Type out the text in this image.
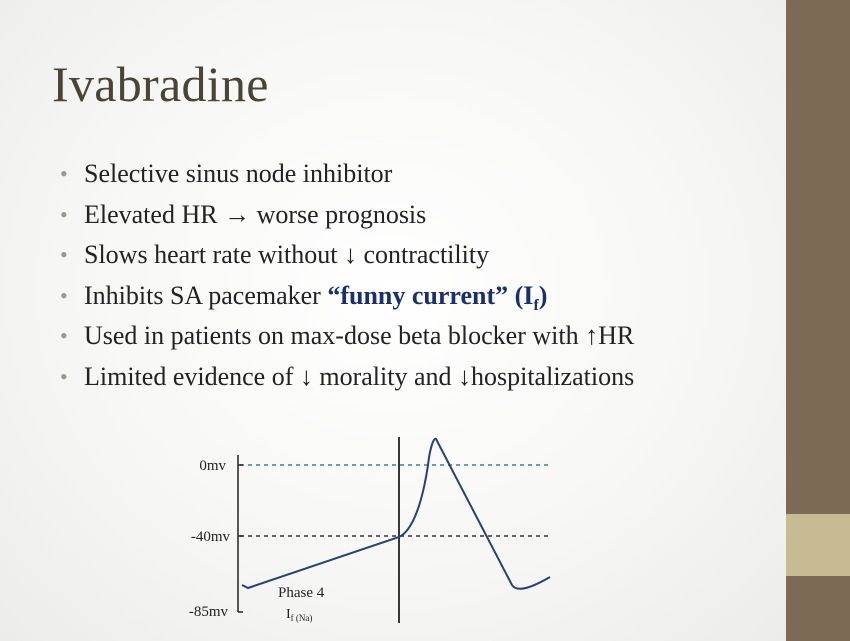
Ivabradine
• Selective sinus node inhibitor
• Elevated HR → worse prognosis
• Slows heart rate without ↓ contractility
• Inhibits SA pacemaker “funny current” $(I_f)$
• Used in patients on max-dose beta blocker with ↑HR
• Limited evidence of ↓ morality and ↓hospitalizations
0mv
-40mv
-85mv
Phase 4
$I_{f (Na)}$
